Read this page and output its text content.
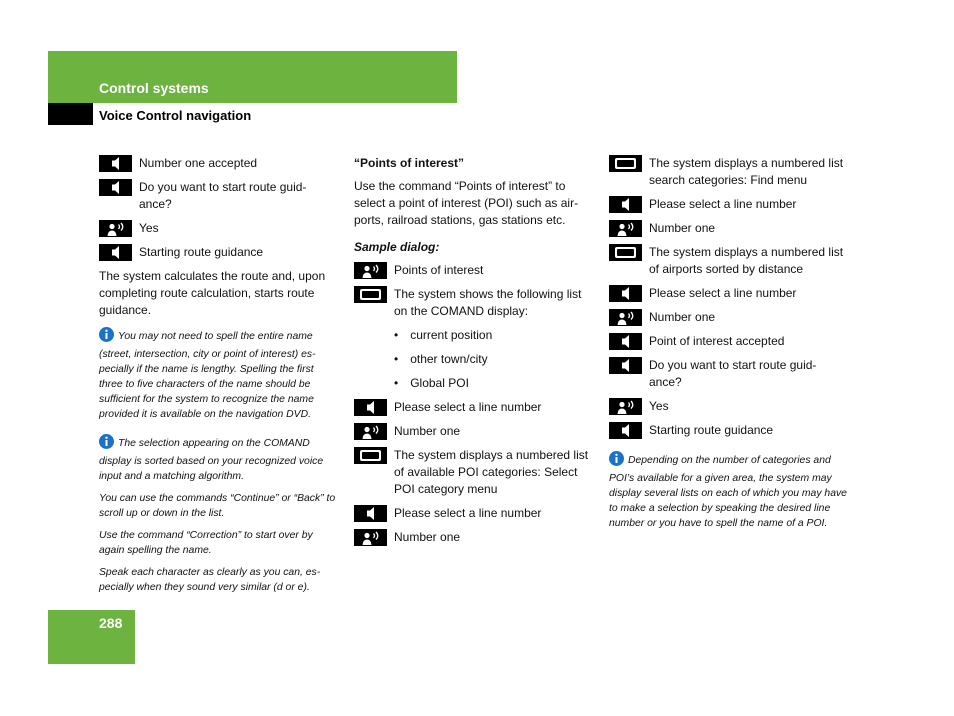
Control systems
Voice Control navigation
Number one accepted
Do you want to start route guid-ance?
Yes
Starting route guidance

The system calculates the route and, upon completing route calculation, starts route guidance.

You may not need to spell the entire name (street, intersection, city or point of interest) es-pecially if the name is lengthy. Spelling the first three to five characters of the name should be sufficient for the system to recognize the name provided it is available on the navigation DVD.
The selection appearing on the COMAND display is sorted based on your recognized voice input and a matching algorithm.
You can use the commands “Continue” or “Back” to scroll up or down in the list.
Use the command “Correction” to start over by again spelling the name.
Speak each character as clearly as you can, es-pecially when they sound very similar (d or e).
“Points of interest”

Use the command “Points of interest” to select a point of interest (POI) such as air-ports, railroad stations, gas stations etc.

Sample dialog:
Points of interest
The system shows the following list on the COMAND display:
• current position
• other town/city
• Global POI
Please select a line number
Number one
The system displays a numbered list of available POI categories: Select POI category menu
Please select a line number
Number one
The system displays a numbered list search categories: Find menu
Please select a line number
Number one
The system displays a numbered list of airports sorted by distance
Please select a line number
Number one
Point of interest accepted
Do you want to start route guid-ance?
Yes
Starting route guidance
Depending on the number of categories and POI’s available for a given area, the system may display several lists on each of which you may have to make a selection by speaking the desired line number or you have to spell the name of a POI.
288
